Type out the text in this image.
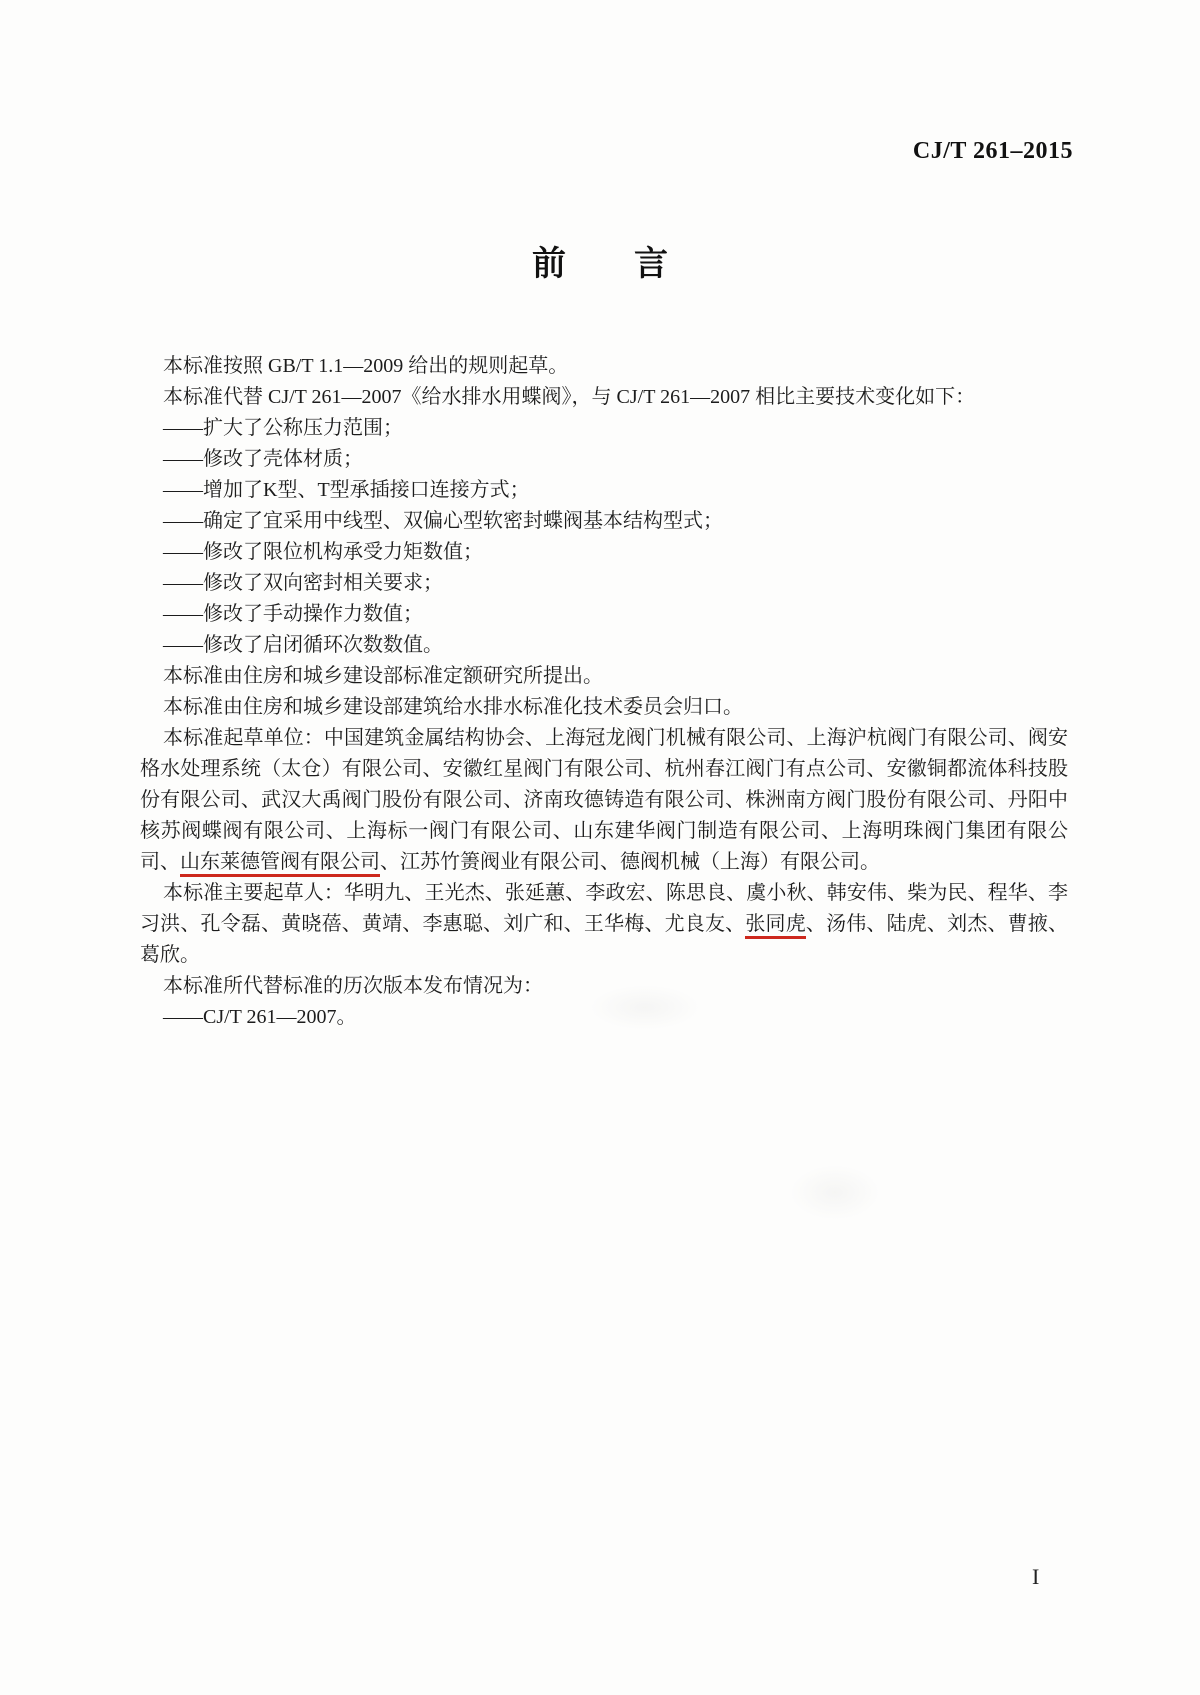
CJ/T 261–2015
前　　言

本标准按照 GB/T 1.1—2009 给出的规则起草。

本标准代替 CJ/T 261—2007《给水排水用蝶阀》，与 CJ/T 261—2007 相比主要技术变化如下：

——扩大了公称压力范围；

——修改了壳体材质；

——增加了K型、T型承插接口连接方式；

——确定了宜采用中线型、双偏心型软密封蝶阀基本结构型式；

——修改了限位机构承受力矩数值；

——修改了双向密封相关要求；

——修改了手动操作力数值；

——修改了启闭循环次数数值。

本标准由住房和城乡建设部标准定额研究所提出。

本标准由住房和城乡建设部建筑给水排水标准化技术委员会归口。

本标准起草单位：中国建筑金属结构协会、上海冠龙阀门机械有限公司、上海沪杭阀门有限公司、阀安格水处理系统（太仓）有限公司、安徽红星阀门有限公司、杭州春江阀门有点公司、安徽铜都流体科技股份有限公司、武汉大禹阀门股份有限公司、济南玫德铸造有限公司、株洲南方阀门股份有限公司、丹阳中核苏阀蝶阀有限公司、上海标一阀门有限公司、山东建华阀门制造有限公司、上海明珠阀门集团有限公司、山东莱德管阀有限公司、江苏竹箦阀业有限公司、德阀机械（上海）有限公司。

本标准主要起草人：华明九、王光杰、张延蕙、李政宏、陈思良、虞小秋、韩安伟、柴为民、程华、李习洪、孔令磊、黄晓蓓、黄靖、李惠聪、刘广和、王华梅、尤良友、张同虎、汤伟、陆虎、刘杰、曹掖、葛欣。

本标准所代替标准的历次版本发布情况为：

——CJ/T 261—2007。

I
